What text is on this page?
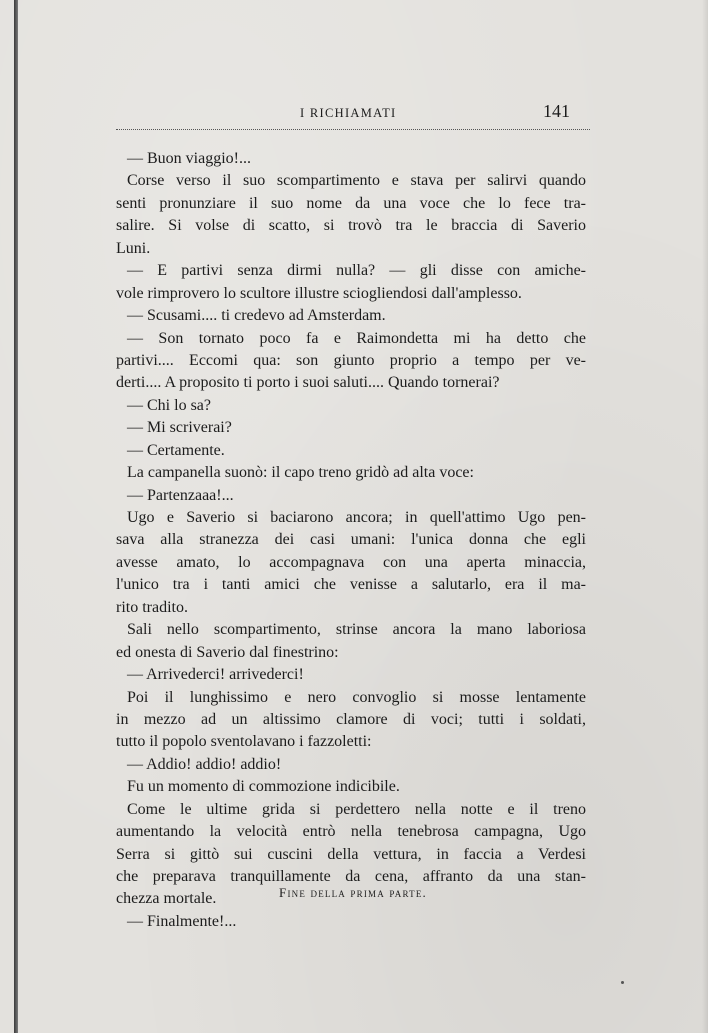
I RICHIAMATI	141
— Buon viaggio!...
Corse verso il suo scompartimento e stava per salirvi quando
senti pronunziare il suo nome da una voce che lo fece tra-
salire. Si volse di scatto, si trovò tra le braccia di Saverio
Luni.
— E partivi senza dirmi nulla? — gli disse con amiche-
vole rimprovero lo scultore illustre sciogliendosi dall'amplesso.
— Scusami.... ti credevo ad Amsterdam.
— Son tornato poco fa e Raimondetta mi ha detto che
partivi.... Eccomi qua: son giunto proprio a tempo per ve-
derti.... A proposito ti porto i suoi saluti.... Quando tornerai?
— Chi lo sa?
— Mi scriverai?
— Certamente.
La campanella suonò: il capo treno gridò ad alta voce:
— Partenzaaa!...
Ugo e Saverio si baciarono ancora; in quell'attimo Ugo pen-
sava alla stranezza dei casi umani: l'unica donna che egli
avesse amato, lo accompagnava con una aperta minaccia,
l'unico tra i tanti amici che venisse a salutarlo, era il ma-
rito tradito.
Sali nello scompartimento, strinse ancora la mano laboriosa
ed onesta di Saverio dal finestrino:
— Arrivederci! arrivederci!
Poi il lunghissimo e nero convoglio si mosse lentamente
in mezzo ad un altissimo clamore di voci; tutti i soldati,
tutto il popolo sventolavano i fazzoletti:
— Addio! addio! addio!
Fu un momento di commozione indicibile.
Come le ultime grida si perdettero nella notte e il treno
aumentando la velocità entrò nella tenebrosa campagna, Ugo
Serra si gittò sui cuscini della vettura, in faccia a Verdesi
che preparava tranquillamente da cena, affranto da una stan-
chezza mortale.
— Finalmente!...
Fine della prima parte.
